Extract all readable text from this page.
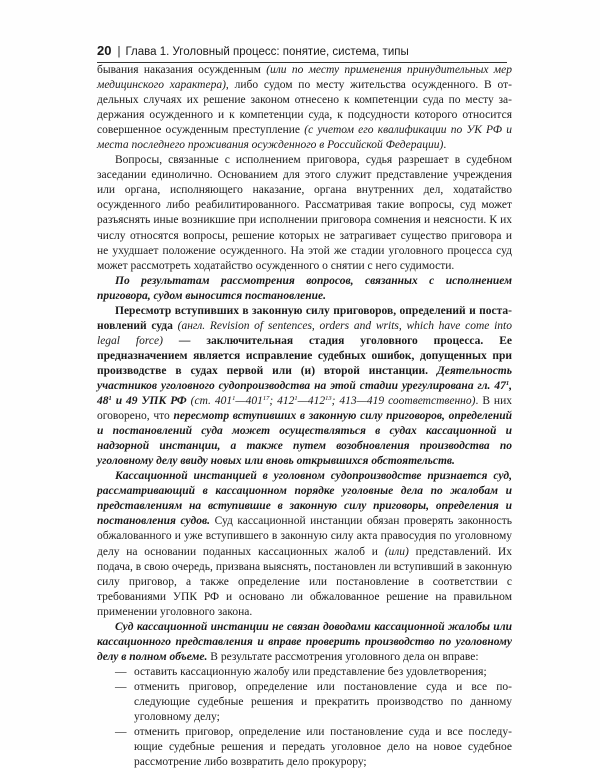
20 | Глава 1. Уголовный процесс: понятие, система, типы

бывания наказания осужденным (или по месту применения принудительных мер медицинского характера), либо судом по месту жительства осужденного. В отдельных случаях их решение законом отнесено к компетенции суда по месту задержания осужденного и к компетенции суда, к подсудности которого относится совершенное осужденным преступление (с учетом его квалификации по УК РФ и места последнего проживания осужденного в Российской Федерации).

Вопросы, связанные с исполнением приговора, судья разрешает в судебном заседании единолично. Основанием для этого служит представление учреждения или органа, исполняющего наказание, органа внутренних дел, ходатайство осужденного либо реабилитированного. Рассматривая такие вопросы, суд может разъяснять иные возникшие при исполнении приговора сомнения и неясности. К их числу относятся вопросы, решение которых не затрагивает существо приговора и не ухудшает положение осужденного. На этой же стадии уголовного процесса суд может рассмотреть ходатайство осужденного о снятии с него судимости.

По результатам рассмотрения вопросов, связанных с исполнением приговора, судом выносится постановление.

Пересмотр вступивших в законную силу приговоров, определений и постановлений суда (англ. Revision of sentences, orders and writs, which have come into legal force) — заключительная стадия уголовного процесса. Ее предназначением является исправление судебных ошибок, допущенных при производстве в судах первой или (и) второй инстанции. Деятельность участников уголовного судопроизводства на этой стадии урегулирована гл. $47^1$, $48^1$ и 49 УПК РФ (ст. $401^1—401^{17}$; $412^1—412^{13}$; 413—419 соответственно). В них оговорено, что пересмотр вступивших в законную силу приговоров, определений и постановлений суда может осуществляться в судах кассационной и надзорной инстанции, а также путем возобновления производства по уголовному делу ввиду новых или вновь открывшихся обстоятельств.

Кассационной инстанцией в уголовном судопроизводстве признается суд, рассматривающий в кассационном порядке уголовные дела по жалобам и представлениям на вступившие в законную силу приговоры, определения и постановления судов. Суд кассационной инстанции обязан проверять законность обжалованного и уже вступившего в законную силу акта правосудия по уголовному делу на основании поданных кассационных жалоб и (или) представлений. Их подача, в свою очередь, призвана выяснять, постановлен ли вступивший в законную силу приговор, а также определение или постановление в соответствии с требованиями УПК РФ и основано ли обжалованное решение на правильном применении уголовного закона.

Суд кассационной инстанции не связан доводами кассационной жалобы или кассационного представления и вправе проверить производство по уголовному делу в полном объеме. В результате рассмотрения уголовного дела он вправе:

— оставить кассационную жалобу или представление без удовлетворения;
— отменить приговор, определение или постановление суда и все последующие судебные решения и прекратить производство по данному уголовному делу;
— отменить приговор, определение или постановление суда и все последующие судебные решения и передать уголовное дело на новое судебное рассмотрение либо возвратить дело прокурору;
